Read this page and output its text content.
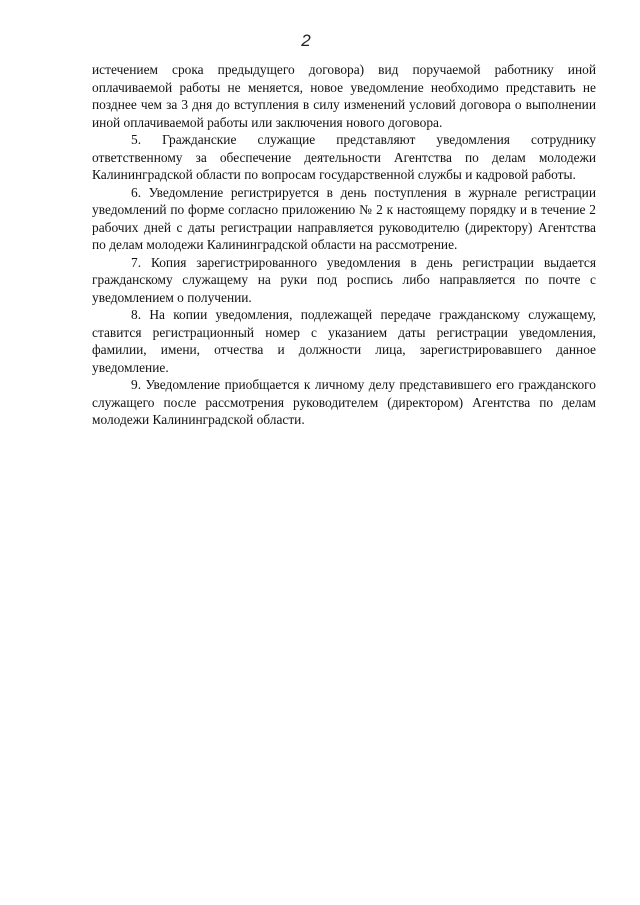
2

истечением срока предыдущего договора) вид поручаемой работнику иной оплачиваемой работы не меняется, новое уведомление необходимо представить не позднее чем за 3 дня до вступления в силу изменений условий договора о выполнении иной оплачиваемой работы или заключения нового договора.

5. Гражданские служащие представляют уведомления сотруднику ответственному за обеспечение деятельности Агентства по делам молодежи Калининградской области по вопросам государственной службы и кадровой работы.

6. Уведомление регистрируется в день поступления в журнале регистрации уведомлений по форме согласно приложению № 2 к настоящему порядку и в течение 2 рабочих дней с даты регистрации направляется руководителю (директору) Агентства по делам молодежи Калининградской области на рассмотрение.

7. Копия зарегистрированного уведомления в день регистрации выдается гражданскому служащему на руки под роспись либо направляется по почте с уведомлением о получении.

8. На копии уведомления, подлежащей передаче гражданскому служащему, ставится регистрационный номер с указанием даты регистрации уведомления, фамилии, имени, отчества и должности лица, зарегистрировавшего данное уведомление.

9. Уведомление приобщается к личному делу представившего его гражданского служащего после рассмотрения руководителем (директором) Агентства по делам молодежи Калининградской области.
